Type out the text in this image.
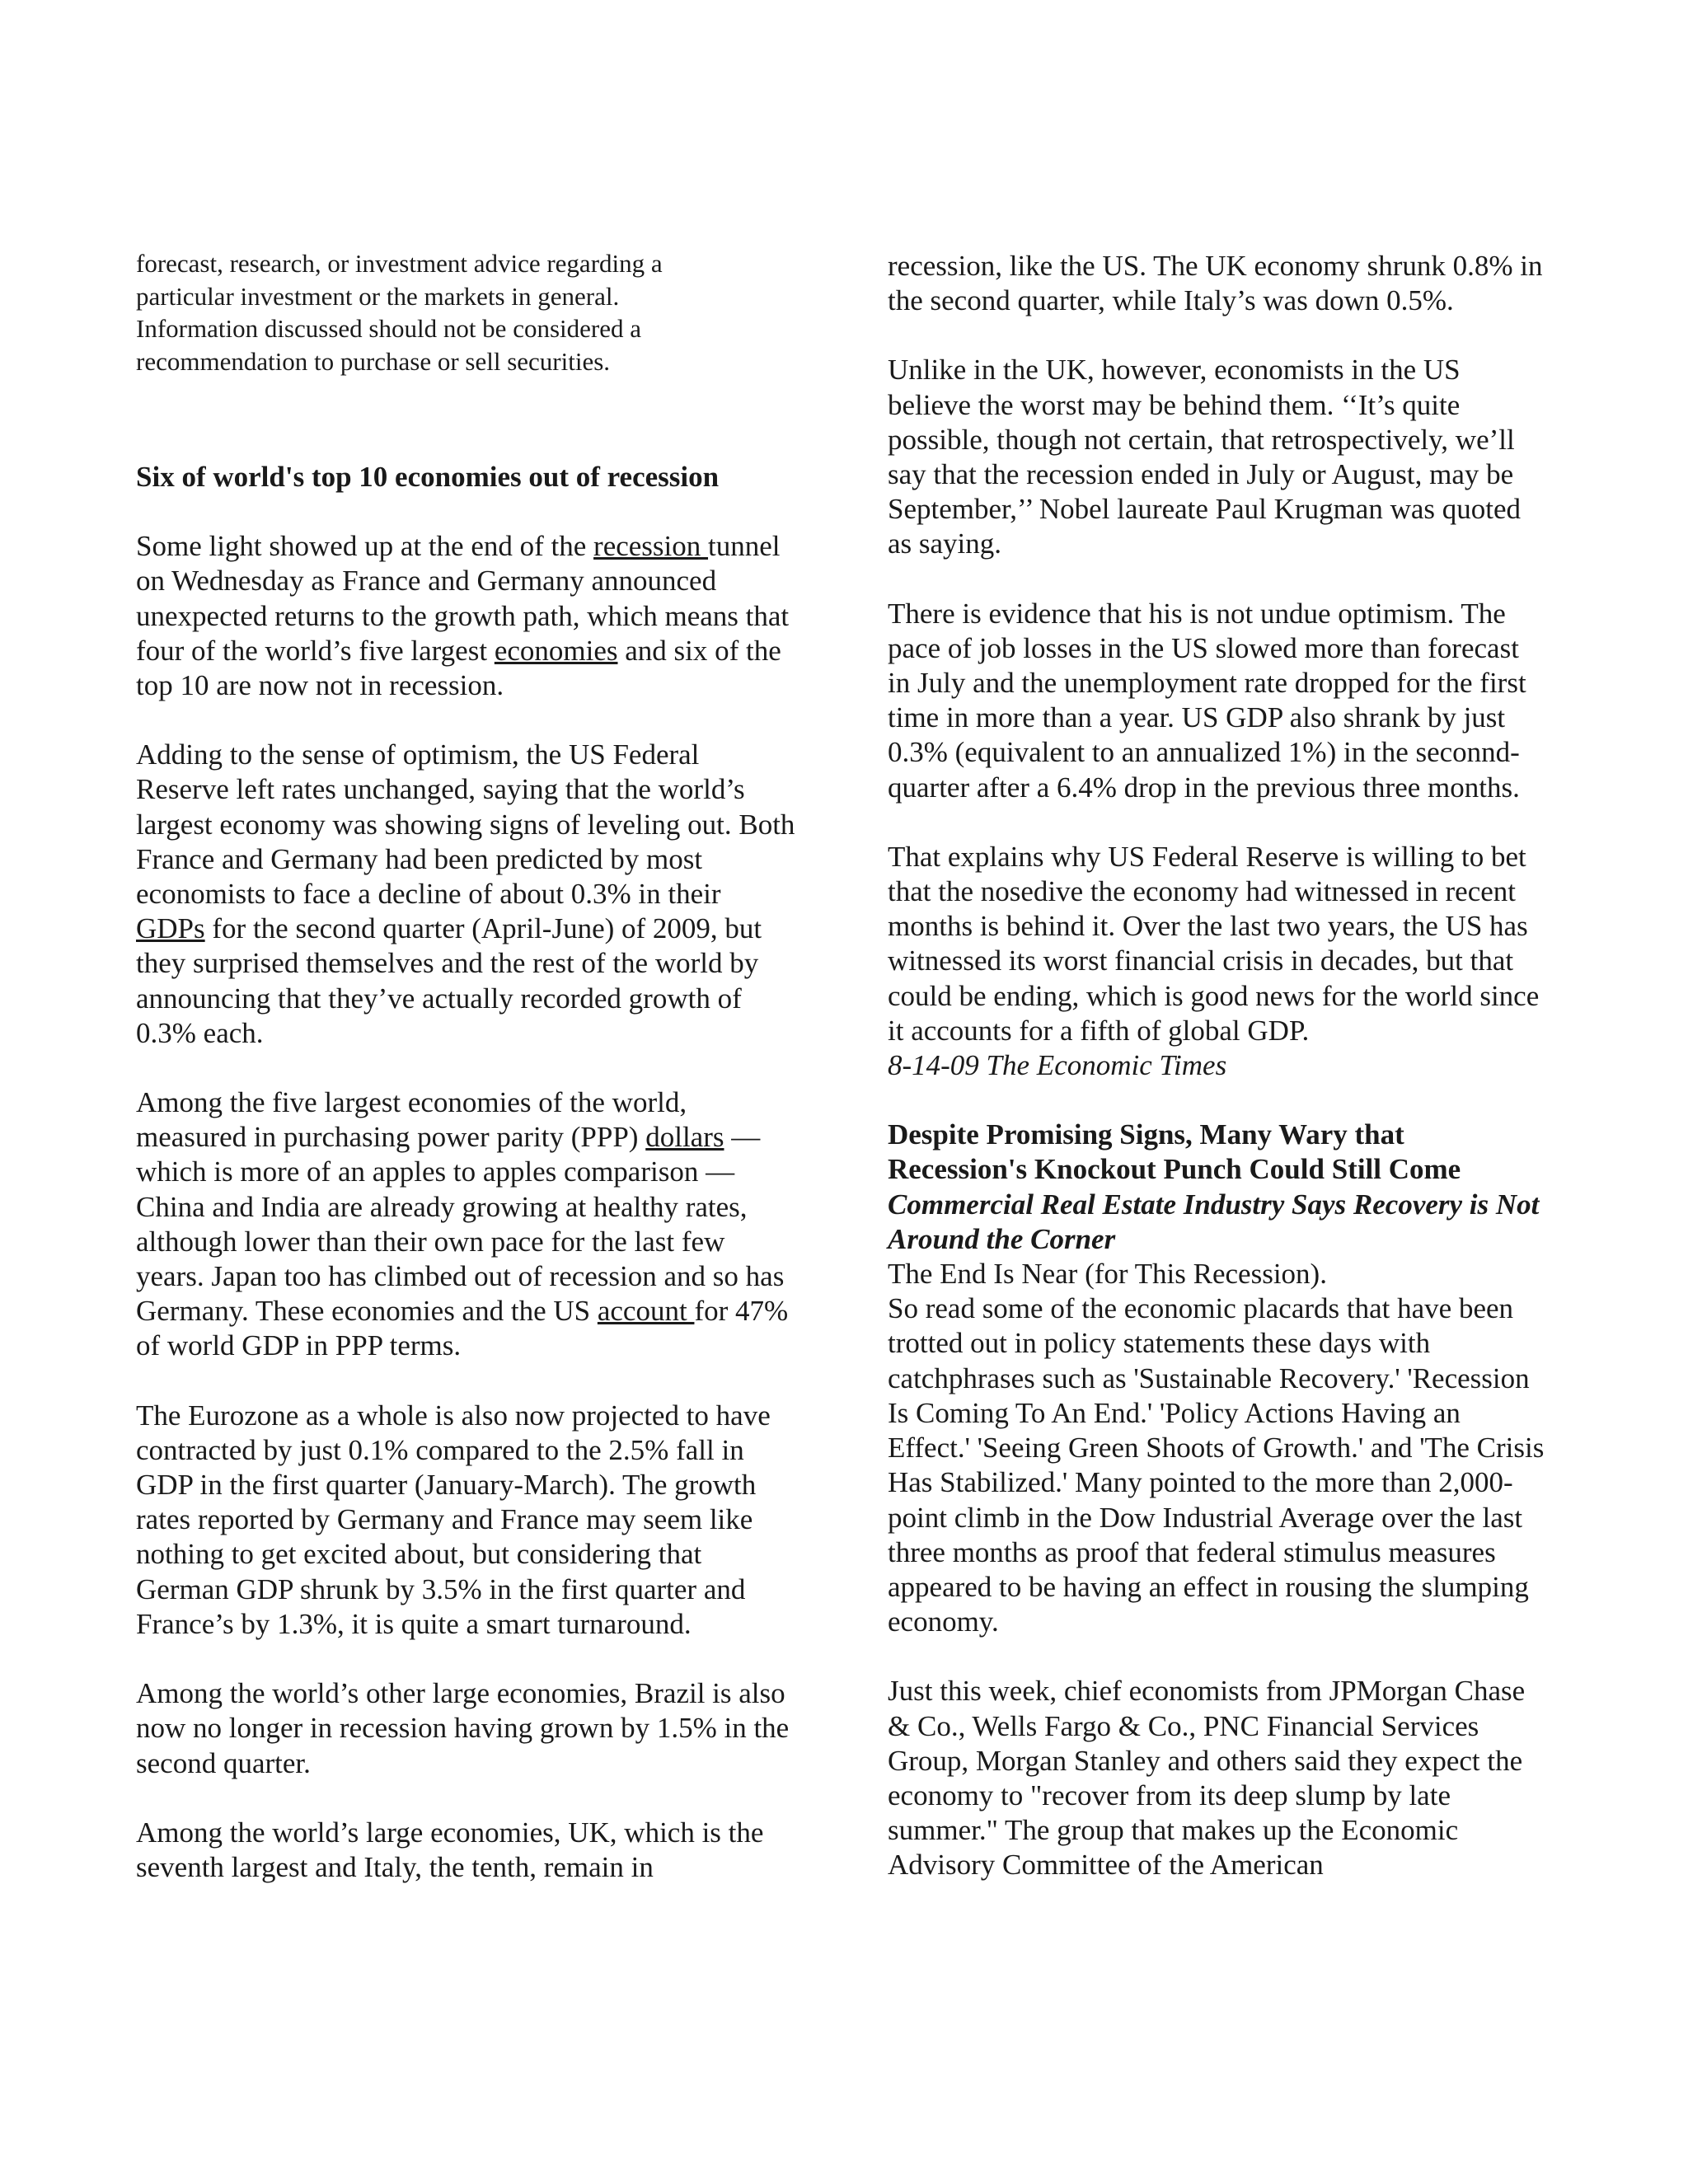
forecast, research, or investment advice regarding a
particular investment or the markets in general.
Information discussed should not be considered a
recommendation to purchase or sell securities.

Six of world's top 10 economies out of recession

Some light showed up at the end of the recession tunnel on Wednesday as France and Germany announced unexpected returns to the growth path, which means that four of the world’s five largest economies and six of the top 10 are now not in recession.

Adding to the sense of optimism, the US Federal Reserve left rates unchanged, saying that the world’s largest economy was showing signs of leveling out. Both France and Germany had been predicted by most economists to face a decline of about 0.3% in their GDPs for the second quarter (April-June) of 2009, but they surprised themselves and the rest of the world by announcing that they’ve actually recorded growth of 0.3% each.

Among the five largest economies of the world, measured in purchasing power parity (PPP) dollars — which is more of an apples to apples comparison — China and India are already growing at healthy rates, although lower than their own pace for the last few years. Japan too has climbed out of recession and so has Germany. These economies and the US account for 47% of world GDP in PPP terms.

The Eurozone as a whole is also now projected to have contracted by just 0.1% compared to the 2.5% fall in GDP in the first quarter (January-March). The growth rates reported by Germany and France may seem like nothing to get excited about, but considering that German GDP shrunk by 3.5% in the first quarter and France’s by 1.3%, it is quite a smart turnaround.

Among the world’s other large economies, Brazil is also now no longer in recession having grown by 1.5% in the second quarter.

Among the world’s large economies, UK, which is the seventh largest and Italy, the tenth, remain in

recession, like the US. The UK economy shrunk 0.8% in the second quarter, while Italy’s was down 0.5%.

Unlike in the UK, however, economists in the US believe the worst may be behind them. ‘‘It’s quite possible, though not certain, that retrospectively, we’ll say that the recession ended in July or August, may be September,’’ Nobel laureate Paul Krugman was quoted as saying.

There is evidence that his is not undue optimism. The pace of job losses in the US slowed more than forecast in July and the unemployment rate dropped for the first time in more than a year. US GDP also shrank by just 0.3% (equivalent to an annualized 1%) in the seconnd-quarter after a 6.4% drop in the previous three months.

That explains why US Federal Reserve is willing to bet that the nosedive the economy had witnessed in recent months is behind it. Over the last two years, the US has witnessed its worst financial crisis in decades, but that could be ending, which is good news for the world since it accounts for a fifth of global GDP.

8-14-09 The Economic Times

Despite Promising Signs, Many Wary that Recession's Knockout Punch Could Still Come

Commercial Real Estate Industry Says Recovery is Not Around the Corner

The End Is Near (for This Recession).

So read some of the economic placards that have been trotted out in policy statements these days with catchphrases such as 'Sustainable Recovery.' 'Recession Is Coming To An End.' 'Policy Actions Having an

Effect.' 'Seeing Green Shoots of Growth.' and 'The Crisis Has Stabilized.' Many pointed to the more than 2,000-point climb in the Dow Industrial Average over the last three months as proof that federal stimulus measures appeared to be having an effect in rousing the slumping economy.

Just this week, chief economists from JPMorgan Chase & Co., Wells Fargo & Co., PNC Financial Services Group, Morgan Stanley and others said they expect the economy to "recover from its deep slump by late summer." The group that makes up the Economic Advisory Committee of the American
